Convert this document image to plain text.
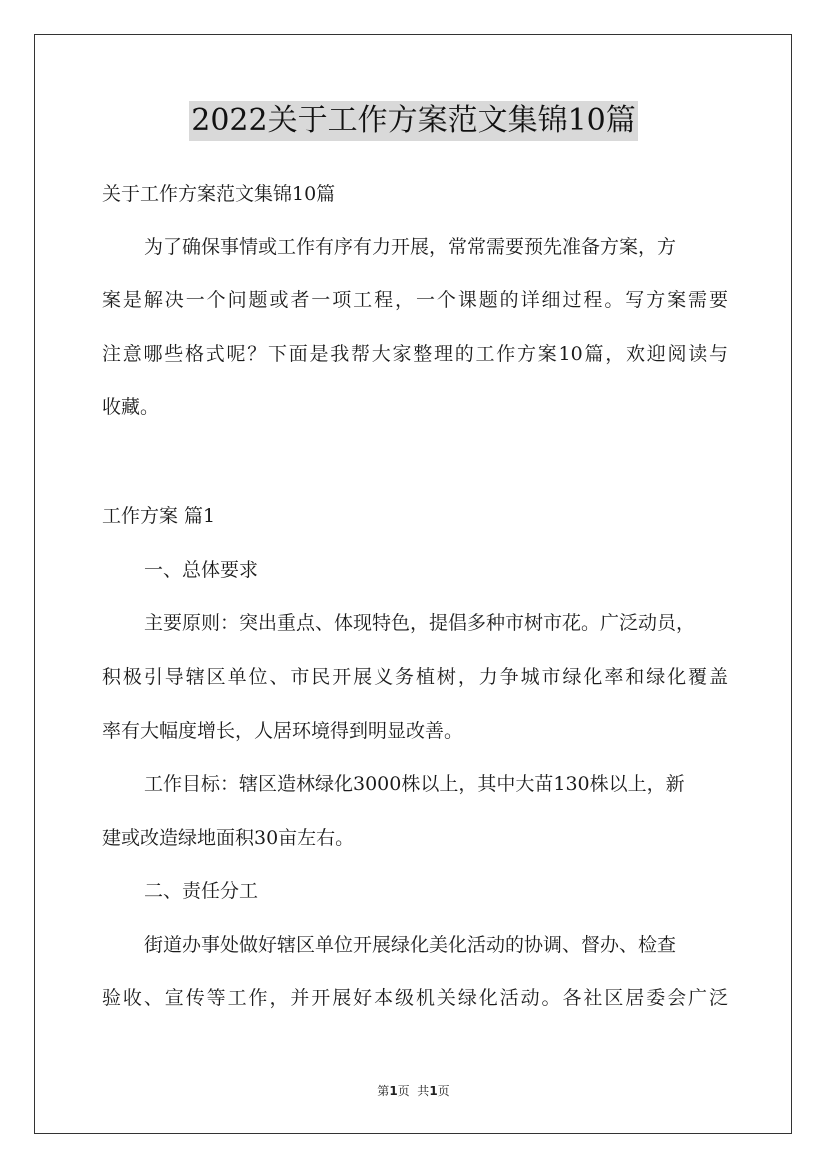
2022关于工作方案范文集锦10篇
关于工作方案范文集锦10篇
为了确保事情或工作有序有力开展，常常需要预先准备方案，方
案是解决一个问题或者一项工程，一个课题的详细过程。写方案需要
注意哪些格式呢？下面是我帮大家整理的工作方案10篇，欢迎阅读与
收藏。
工作方案 篇1
一、总体要求
主要原则：突出重点、体现特色，提倡多种市树市花。广泛动员，
积极引导辖区单位、市民开展义务植树，力争城市绿化率和绿化覆盖
率有大幅度增长，人居环境得到明显改善。
工作目标：辖区造林绿化3000株以上，其中大苗130株以上，新
建或改造绿地面积30亩左右。
二、责任分工
街道办事处做好辖区单位开展绿化美化活动的协调、督办、检查
验收、宣传等工作，并开展好本级机关绿化活动。各社区居委会广泛
第1页  共1页
